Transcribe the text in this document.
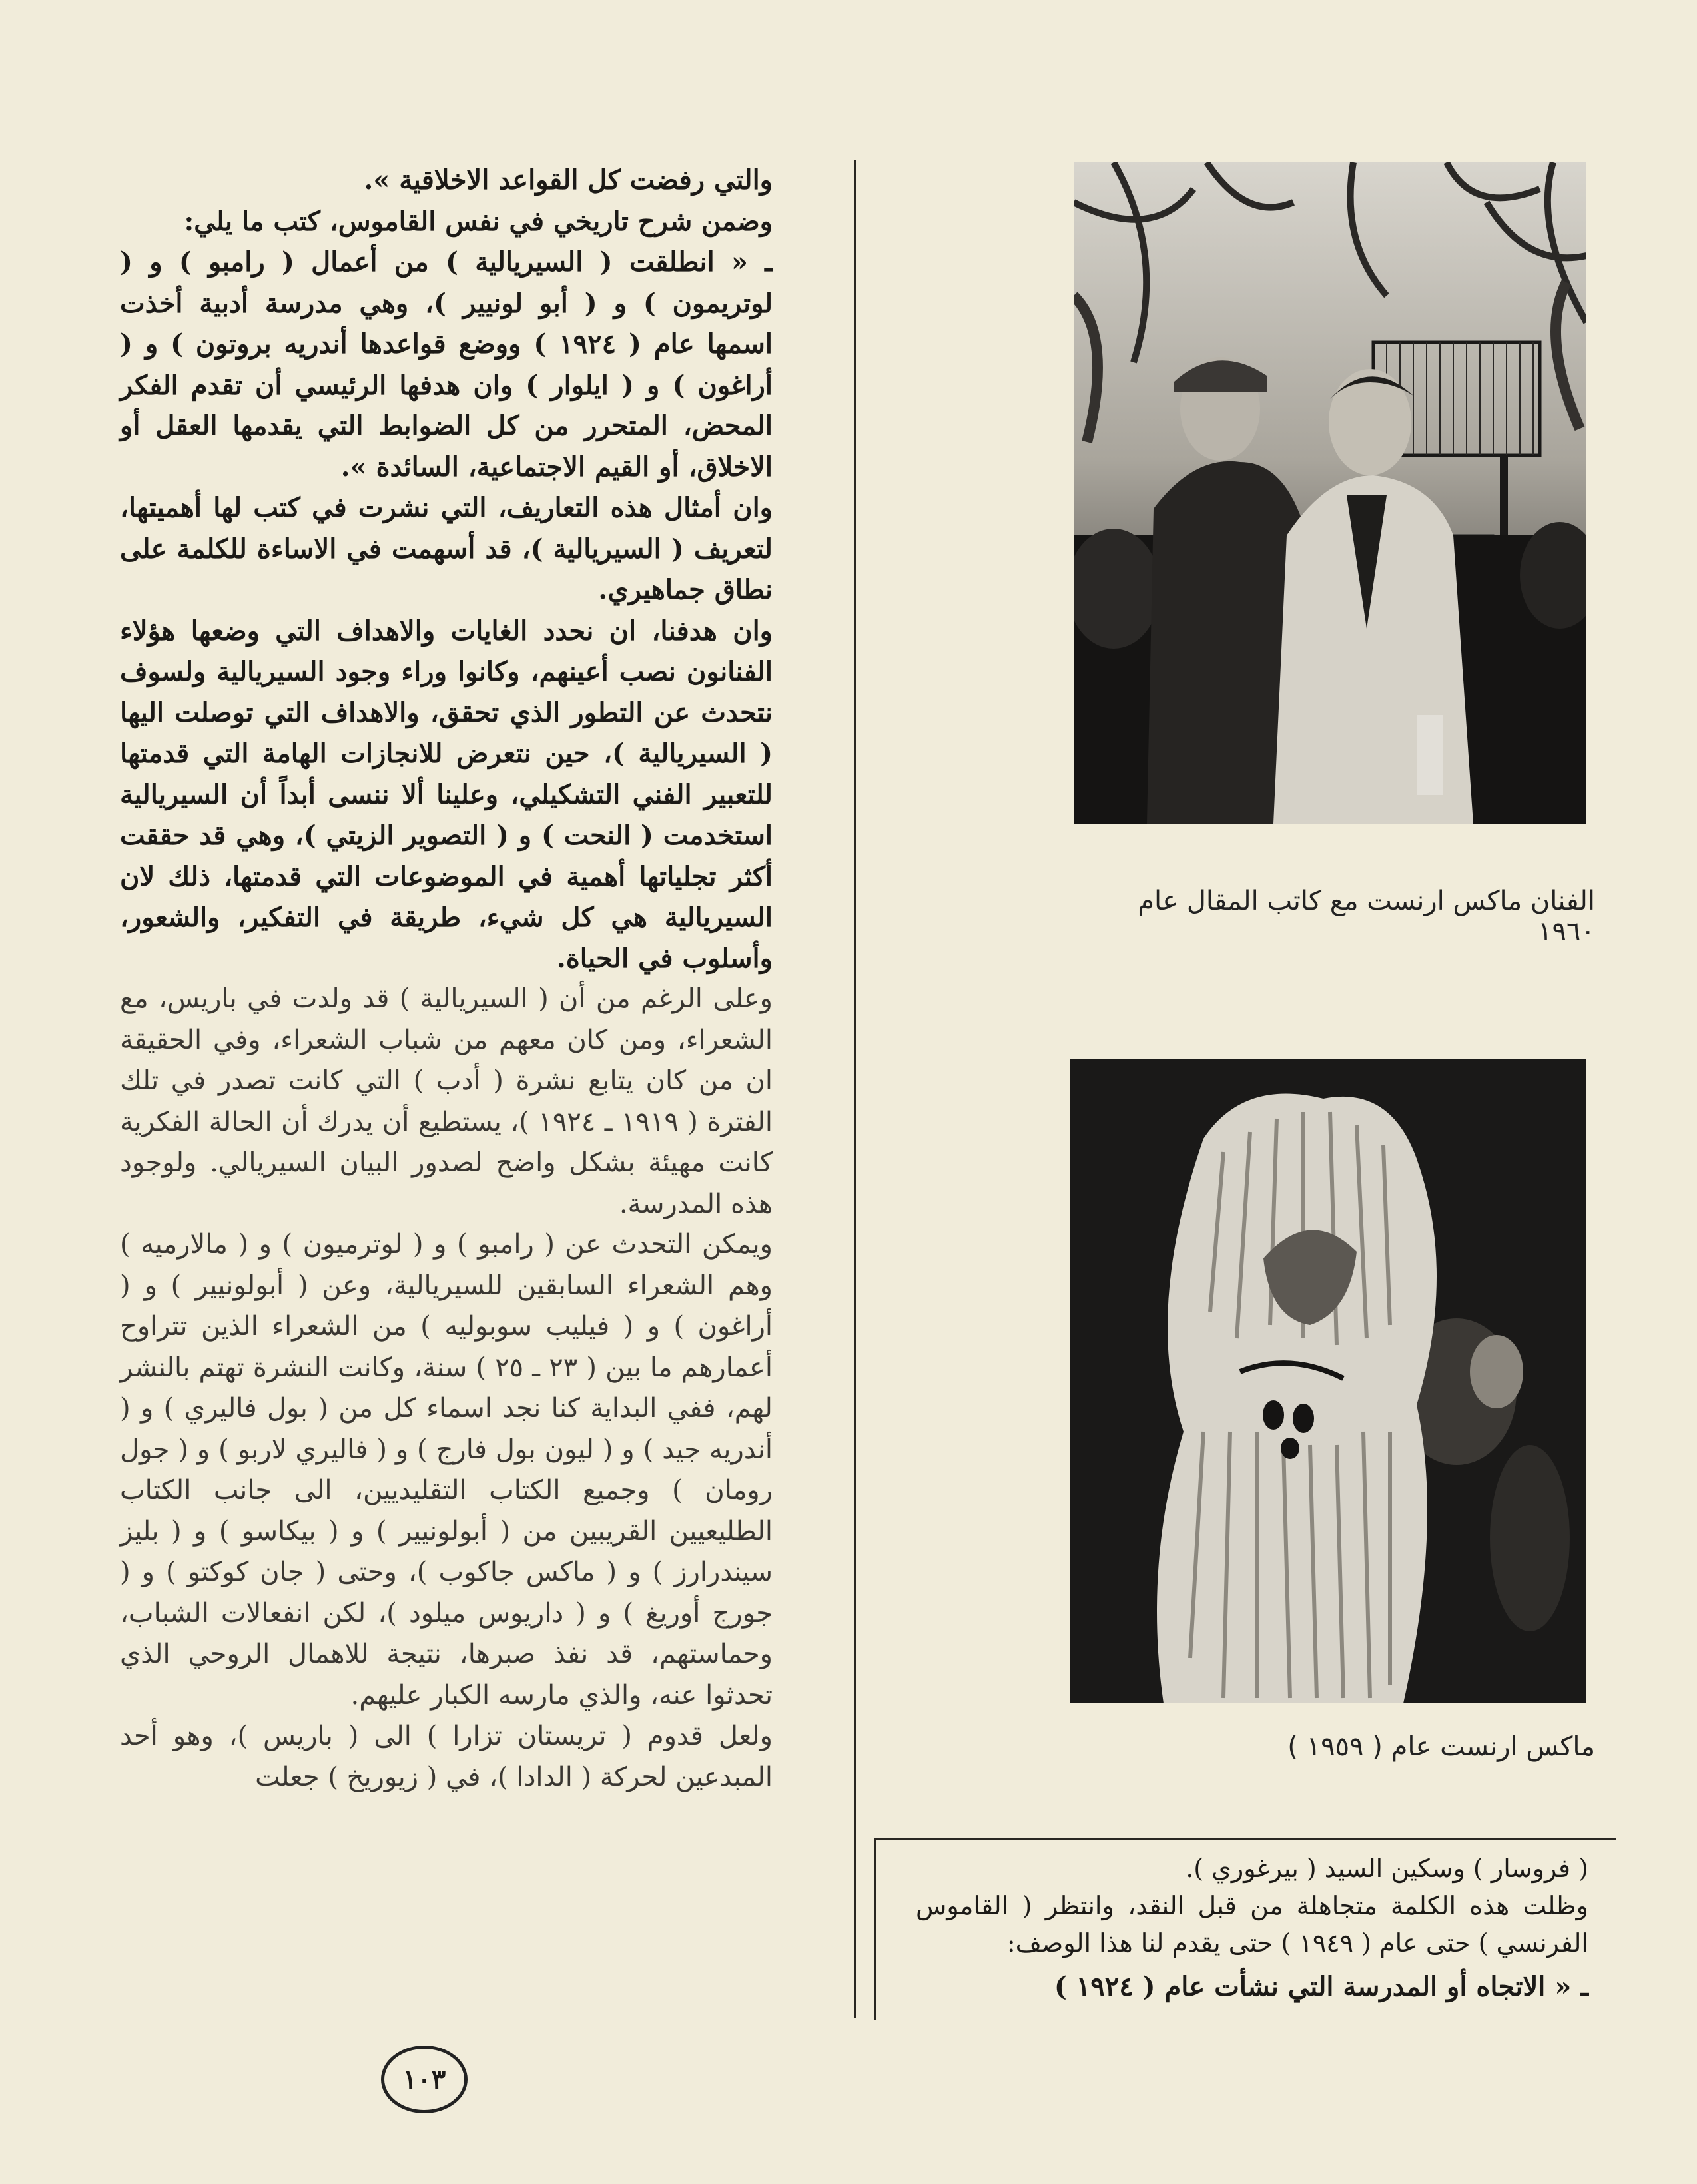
والتي رفضت كل القواعد الاخلاقية ».

وضمن شرح تاريخي في نفس القاموس، كتب ما يلي:

ـ « انطلقت ( السيريالية ) من أعمال ( رامبو ) و ( لوتريمون ) و ( أبو لونيير )، وهي مدرسة أدبية أخذت اسمها عام ( ١٩٢٤ ) ووضع قواعدها أندريه بروتون ) و ( أراغون ) و ( ايلوار ) وان هدفها الرئيسي أن تقدم الفكر المحض، المتحرر من كل الضوابط التي يقدمها العقل أو الاخلاق، أو القيم الاجتماعية، السائدة ».

وان أمثال هذه التعاريف، التي نشرت في كتب لها أهميتها، لتعريف ( السيريالية )، قد أسهمت في الاساءة للكلمة على نطاق جماهيري.

وان هدفنا، ان نحدد الغايات والاهداف التي وضعها هؤلاء الفنانون نصب أعينهم، وكانوا وراء وجود السيريالية ولسوف نتحدث عن التطور الذي تحقق، والاهداف التي توصلت اليها ( السيريالية )، حين نتعرض للانجازات الهامة التي قدمتها للتعبير الفني التشكيلي، وعلينا ألا ننسى أبداً أن السيريالية استخدمت ( النحت ) و ( التصوير الزيتي )، وهي قد حققت أكثر تجلياتها أهمية في الموضوعات التي قدمتها، ذلك لان السيريالية هي كل شيء، طريقة في التفكير، والشعور، وأسلوب في الحياة.

وعلى الرغم من أن ( السيريالية ) قد ولدت في باريس، مع الشعراء، ومن كان معهم من شباب الشعراء، وفي الحقيقة ان من كان يتابع نشرة ( أدب ) التي كانت تصدر في تلك الفترة ( ١٩١٩ ـ ١٩٢٤ )، يستطيع أن يدرك أن الحالة الفكرية كانت مهيئة بشكل واضح لصدور البيان السيريالي. ولوجود هذه المدرسة.

ويمكن التحدث عن ( رامبو ) و ( لوترميون ) و ( مالارميه ) وهم الشعراء السابقين للسيريالية، وعن ( أبولونيير ) و ( أراغون ) و ( فيليب سوبوليه ) من الشعراء الذين تتراوح أعمارهم ما بين ( ٢٣ ـ ٢٥ ) سنة، وكانت النشرة تهتم بالنشر لهم، ففي البداية كنا نجد اسماء كل من ( بول فاليري ) و ( أندريه جيد ) و ( ليون بول فارج ) و ( فاليري لاربو ) و ( جول رومان ) وجميع الكتاب التقليديين، الى جانب الكتاب الطليعيين القريبين من ( أبولونيير ) و ( بيكاسو ) و ( بليز سيندرارز ) و ( ماكس جاكوب )، وحتى ( جان كوكتو ) و ( جورج أوريغ ) و ( داريوس ميلود )، لكن انفعالات الشباب، وحماستهم، قد نفذ صبرها، نتيجة للاهمال الروحي الذي تحدثوا عنه، والذي مارسه الكبار عليهم.

ولعل قدوم ( تريستان تزارا ) الى ( باريس )، وهو أحد المبدعين لحركة ( الدادا )، في ( زيوريخ ) جعلت

الفنان ماكس ارنست مع كاتب المقال عام ١٩٦٠
ماكس ارنست عام ( ١٩٥٩ )

( فروسار ) وسكين السيد ( بيرغوري ).

وظلت هذه الكلمة متجاهلة من قبل النقد، وانتظر ( القاموس الفرنسي ) حتى عام ( ١٩٤٩ ) حتى يقدم لنا هذا الوصف:

ـ « الاتجاه أو المدرسة التي نشأت عام ( ١٩٢٤ )

١٠٣
